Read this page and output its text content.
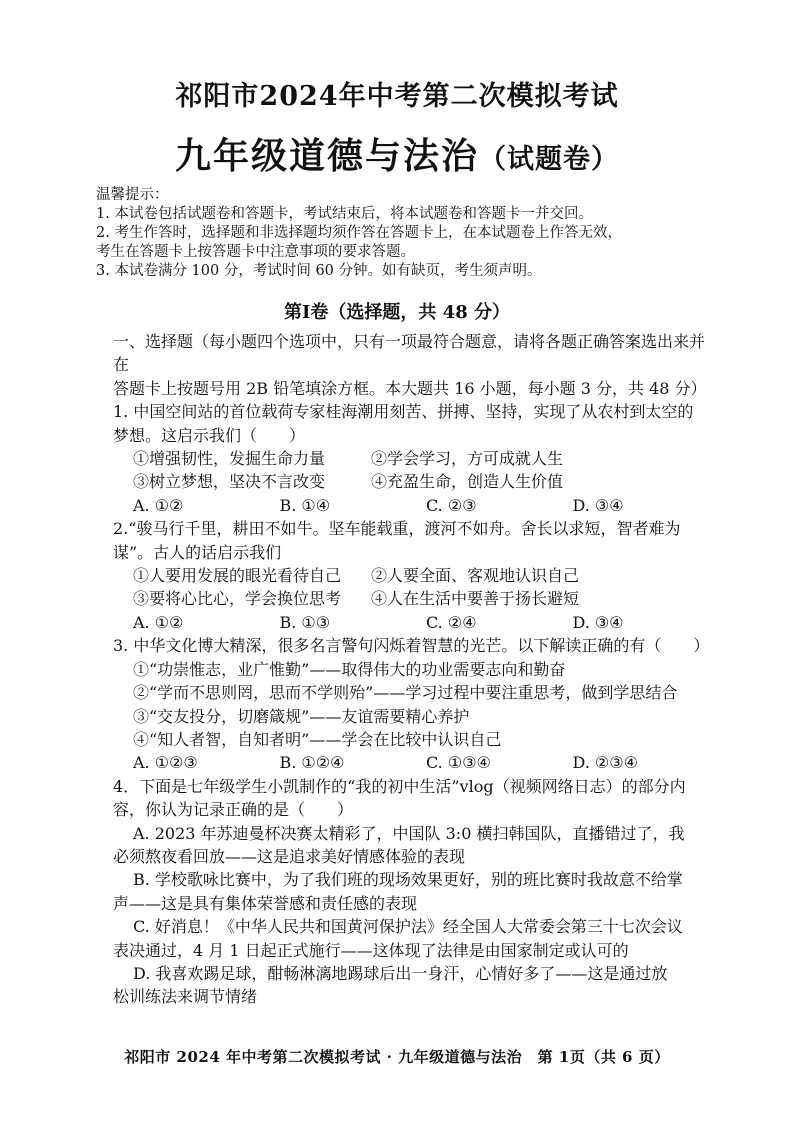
祁阳市2024年中考第二次模拟考试
九年级道德与法治（试题卷）
温馨提示：
1. 本试卷包括试题卷和答题卡，考试结束后，将本试题卷和答题卡一并交回。
2. 考生作答时，选择题和非选择题均须作答在答题卡上，在本试题卷上作答无效，
考生在答题卡上按答题卡中注意事项的要求答题。
3. 本试卷满分 100 分，考试时间 60 分钟。如有缺页，考生须声明。
第Ⅰ卷（选择题，共 48 分）
一、选择题（每小题四个选项中，只有一项最符合题意，请将各题正确答案选出来并在
答题卡上按题号用 2B 铅笔填涂方框。本大题共 16 小题，每小题 3 分，共 48 分）
1. 中国空间站的首位载荷专家桂海潮用刻苦、拼搏、坚持，实现了从农村到太空的
梦想。这启示我们（　　）
①增强韧性，发掘生命力量	②学会学习，方可成就人生
③树立梦想，坚决不言改变	④充盈生命，创造人生价值
A. ①②	B. ①④	C. ②③	D. ③④
2.“骏马行千里，耕田不如牛。坚车能载重，渡河不如舟。舍长以求短，智者难为
谋”。古人的话启示我们
①人要用发展的眼光看待自己	②人要全面、客观地认识自己
③要将心比心，学会换位思考	④人在生活中要善于扬长避短
A. ①②	B. ①③	C. ②④	D. ③④
3. 中华文化博大精深，很多名言警句闪烁着智慧的光芒。以下解读正确的有（　　）
①“功崇惟志，业广惟勤”——取得伟大的功业需要志向和勤奋
②“学而不思则罔，思而不学则殆”——学习过程中要注重思考，做到学思结合
③“交友投分，切磨箴规”——友谊需要精心养护
④“知人者智，自知者明”——学会在比较中认识自己
A. ①②③	B. ①②④	C. ①③④	D. ②③④
4．下面是七年级学生小凯制作的“我的初中生活”vlog（视频网络日志）的部分内
容，你认为记录正确的是（　　）
A. 2023 年苏迪曼杯决赛太精彩了，中国队 3:0 横扫韩国队，直播错过了，我
必须熬夜看回放——这是追求美好情感体验的表现
B. 学校歌咏比赛中，为了我们班的现场效果更好，别的班比赛时我故意不给掌
声——这是具有集体荣誉感和责任感的表现
C. 好消息！《中华人民共和国黄河保护法》经全国人大常委会第三十七次会议
表决通过，4 月 1 日起正式施行——这体现了法律是由国家制定或认可的
D. 我喜欢踢足球，酣畅淋漓地踢球后出一身汗，心情好多了——这是通过放
松训练法来调节情绪
祁阳市 2024 年中考第二次模拟考试 · 九年级道德与法治　第 1页（共 6 页）
